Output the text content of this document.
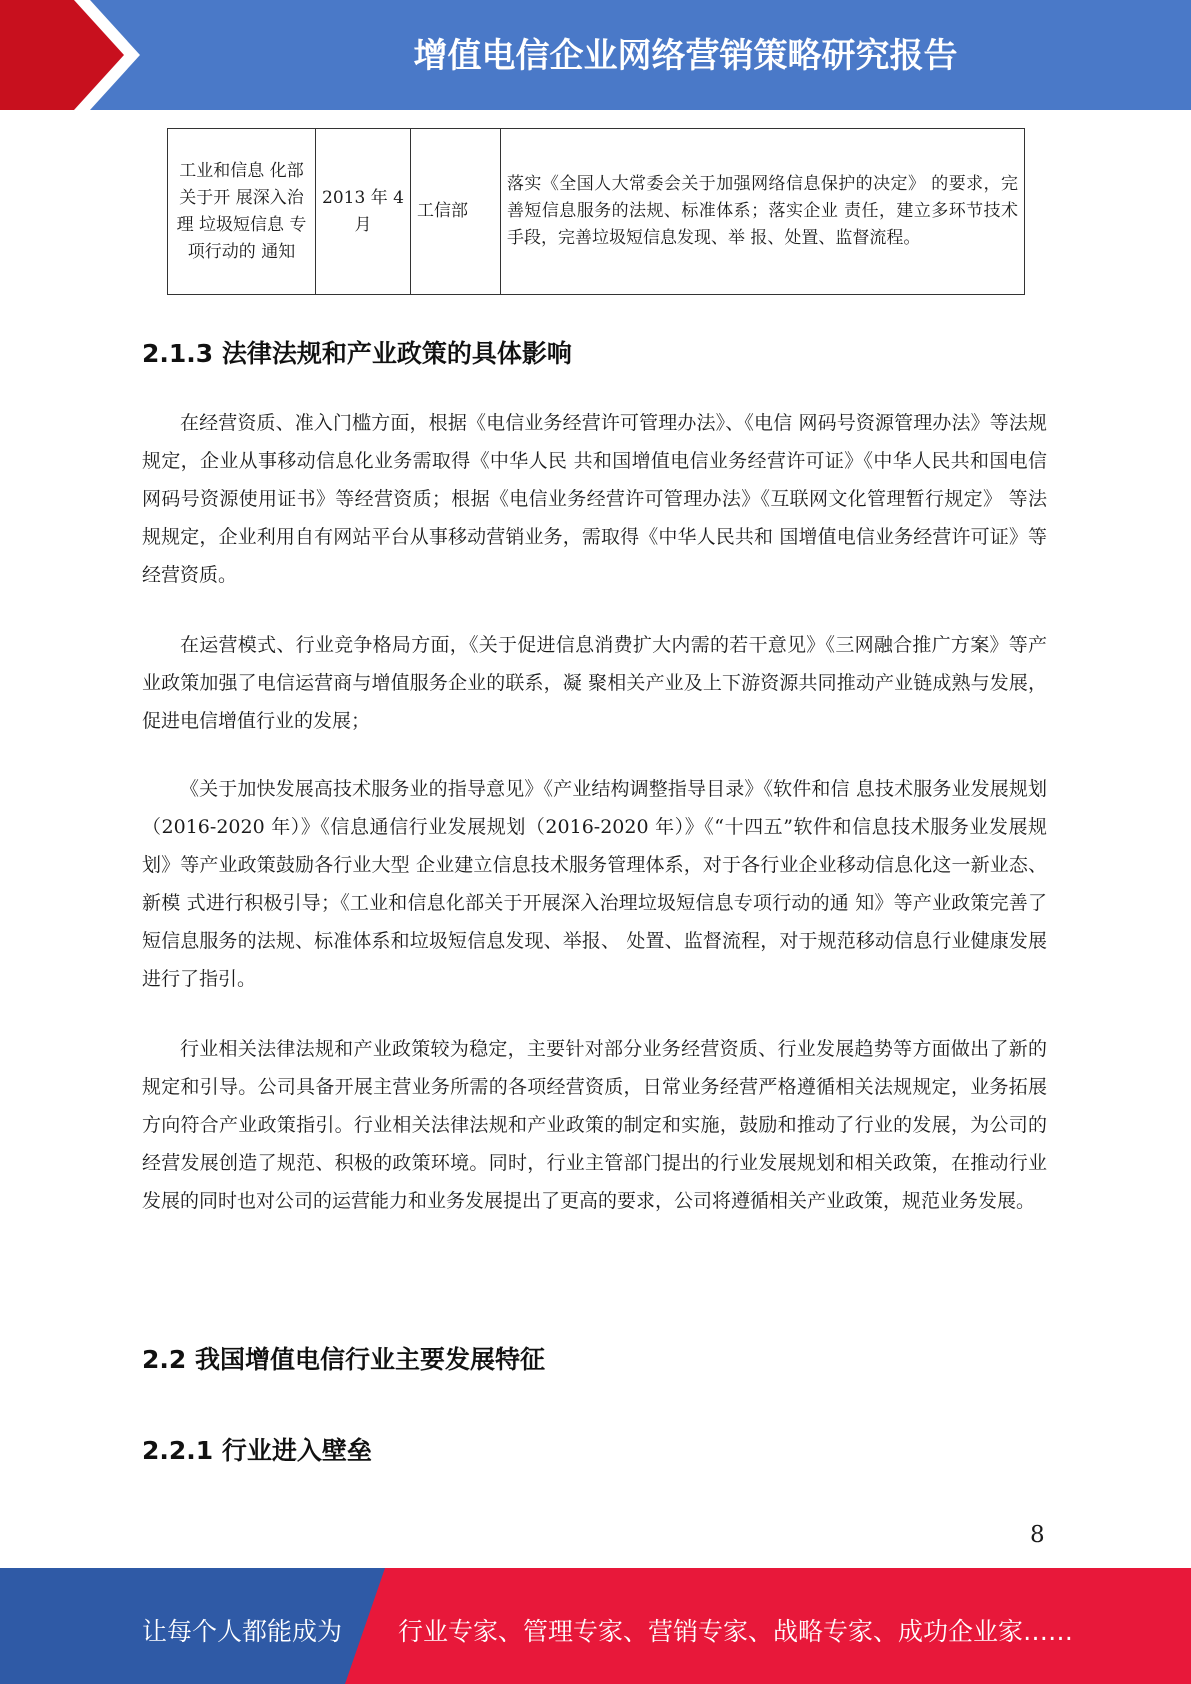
增值电信企业网络营销策略研究报告
工业和信息 化部关于开 展深入治理 垃圾短信息 专项行动的 通知	2013 年 4月	工信部	落实《全国人大常委会关于加强网络信息保护的决定》 的要求，完善短信息服务的法规、标准体系；落实企业 责任，建立多环节技术手段，完善垃圾短信息发现、举 报、处置、监督流程。
2.1.3 法律法规和产业政策的具体影响

在经营资质、准入门槛方面，根据《电信业务经营许可管理办法》、《电信 网码号资源管理办法》等法规规定，企业从事移动信息化业务需取得《中华人民 共和国增值电信业务经营许可证》《中华人民共和国电信网码号资源使用证书》等经营资质；根据《电信业务经营许可管理办法》《互联网文化管理暂行规定》 等法规规定，企业利用自有网站平台从事移动营销业务，需取得《中华人民共和 国增值电信业务经营许可证》等经营资质。

在运营模式、行业竞争格局方面，《关于促进信息消费扩大内需的若干意见》《三网融合推广方案》等产业政策加强了电信运营商与增值服务企业的联系，凝 聚相关产业及上下游资源共同推动产业链成熟与发展，促进电信增值行业的发展；

《关于加快发展高技术服务业的指导意见》《产业结构调整指导目录》《软件和信 息技术服务业发展规划（2016-2020 年）》《信息通信行业发展规划（2016-2020 年）》《“十四五”软件和信息技术服务业发展规划》等产业政策鼓励各行业大型 企业建立信息技术服务管理体系，对于各行业企业移动信息化这一新业态、新模 式进行积极引导；《工业和信息化部关于开展深入治理垃圾短信息专项行动的通 知》等产业政策完善了短信息服务的法规、标准体系和垃圾短信息发现、举报、 处置、监督流程，对于规范移动信息行业健康发展进行了指引。

行业相关法律法规和产业政策较为稳定，主要针对部分业务经营资质、行业发展趋势等方面做出了新的规定和引导。公司具备开展主营业务所需的各项经营资质，日常业务经营严格遵循相关法规规定，业务拓展方向符合产业政策指引。行业相关法律法规和产业政策的制定和实施，鼓励和推动了行业的发展，为公司的经营发展创造了规范、积极的政策环境。同时，行业主管部门提出的行业发展规划和相关政策，在推动行业发展的同时也对公司的运营能力和业务发展提出了更高的要求，公司将遵循相关产业政策，规范业务发展。

2.2 我国增值电信行业主要发展特征
2.2.1 行业进入壁垒
8
让每个人都能成为 行业专家、管理专家、营销专家、战略专家、成功企业家……
